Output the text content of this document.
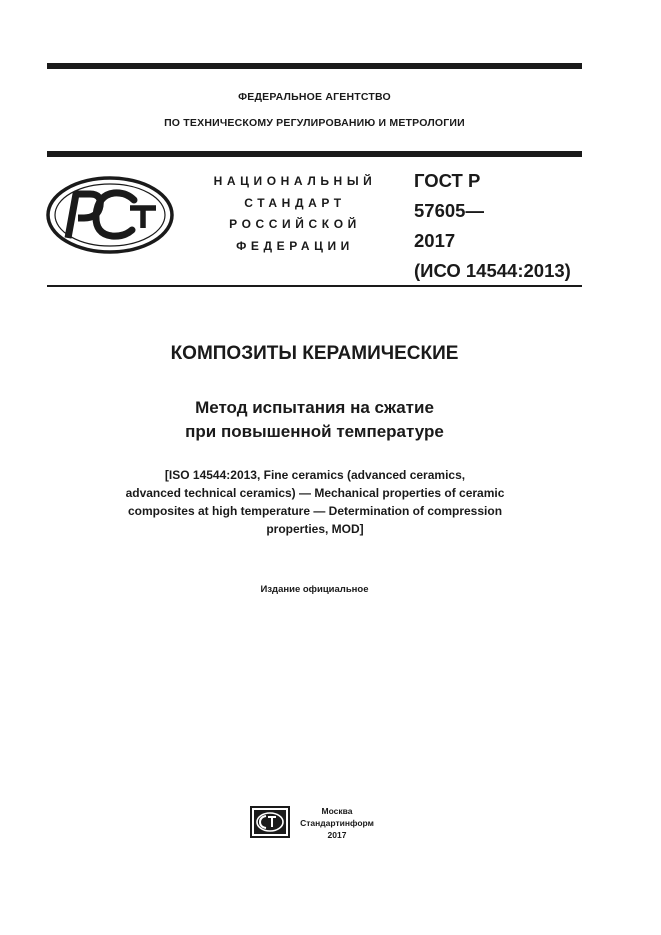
ФЕДЕРАЛЬНОЕ АГЕНТСТВО
ПО ТЕХНИЧЕСКОМУ РЕГУЛИРОВАНИЮ И МЕТРОЛОГИИ
НАЦИОНАЛЬНЫЙ
СТАНДАРТ
РОССИЙСКОЙ
ФЕДЕРАЦИИ
ГОСТ Р
57605—
2017
(ИСО 14544:2013)
КОМПОЗИТЫ КЕРАМИЧЕСКИЕ
Метод испытания на сжатие
при повышенной температуре
[ISO 14544:2013, Fine ceramics (advanced ceramics,
advanced technical ceramics) — Mechanical properties of ceramic
composites at high temperature — Determination of compression
properties, MOD]
Издание официальное
Москва
Стандартинформ
2017
